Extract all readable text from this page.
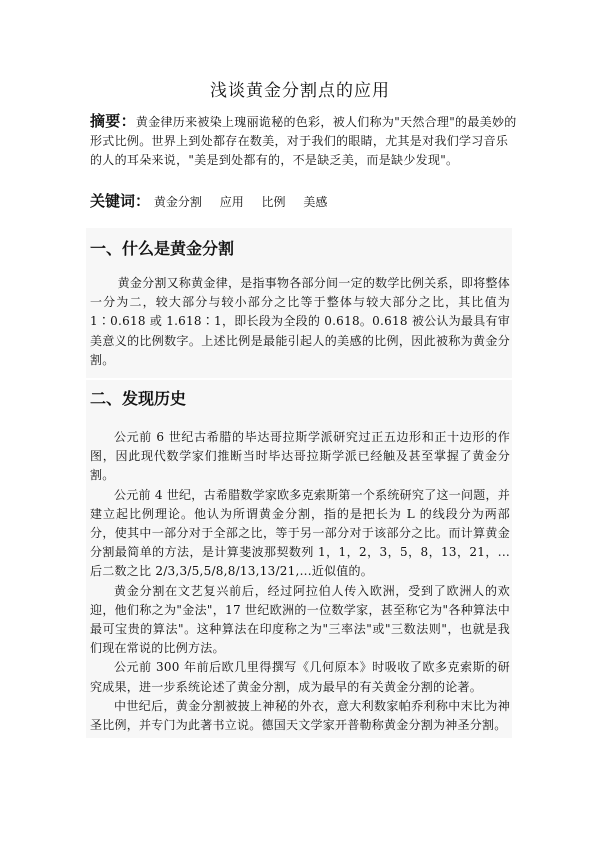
浅谈黄金分割点的应用
摘要：黄金律历来被染上瑰丽诡秘的色彩，被人们称为"天然合理"的最美妙的形式比例。世界上到处都存在数美，对于我们的眼睛，尤其是对我们学习音乐的人的耳朵来说，"美是到处都有的，不是缺乏美，而是缺少发现"。
关键词： 黄金分割 应用 比例 美感
一、什么是黄金分割

黄金分割又称黄金律，是指事物各部分间一定的数学比例关系，即将整体一分为二，较大部分与较小部分之比等于整体与较大部分之比，其比值为 1∶0.618 或 1.618∶1，即长段为全段的 0.618。0.618 被公认为最具有审美意义的比例数字。上述比例是最能引起人的美感的比例，因此被称为黄金分割。

二、发现历史

公元前 6 世纪古希腊的毕达哥拉斯学派研究过正五边形和正十边形的作图，因此现代数学家们推断当时毕达哥拉斯学派已经触及甚至掌握了黄金分割。

公元前 4 世纪，古希腊数学家欧多克索斯第一个系统研究了这一问题，并建立起比例理论。他认为所谓黄金分割，指的是把长为 L 的线段分为两部分，使其中一部分对于全部之比，等于另一部分对于该部分之比。而计算黄金分割最简单的方法，是计算斐波那契数列 1，1，2，3，5，8，13，21，...后二数之比 2/3,3/5,5/8,8/13,13/21,...近似值的。

黄金分割在文艺复兴前后，经过阿拉伯人传入欧洲，受到了欧洲人的欢迎，他们称之为"金法"，17 世纪欧洲的一位数学家，甚至称它为"各种算法中最可宝贵的算法"。这种算法在印度称之为"三率法"或"三数法则"，也就是我们现在常说的比例方法。

公元前 300 年前后欧几里得撰写《几何原本》时吸收了欧多克索斯的研究成果，进一步系统论述了黄金分割，成为最早的有关黄金分割的论著。

中世纪后，黄金分割被披上神秘的外衣，意大利数家帕乔利称中末比为神圣比例，并专门为此著书立说。德国天文学家开普勒称黄金分割为神圣分割。
